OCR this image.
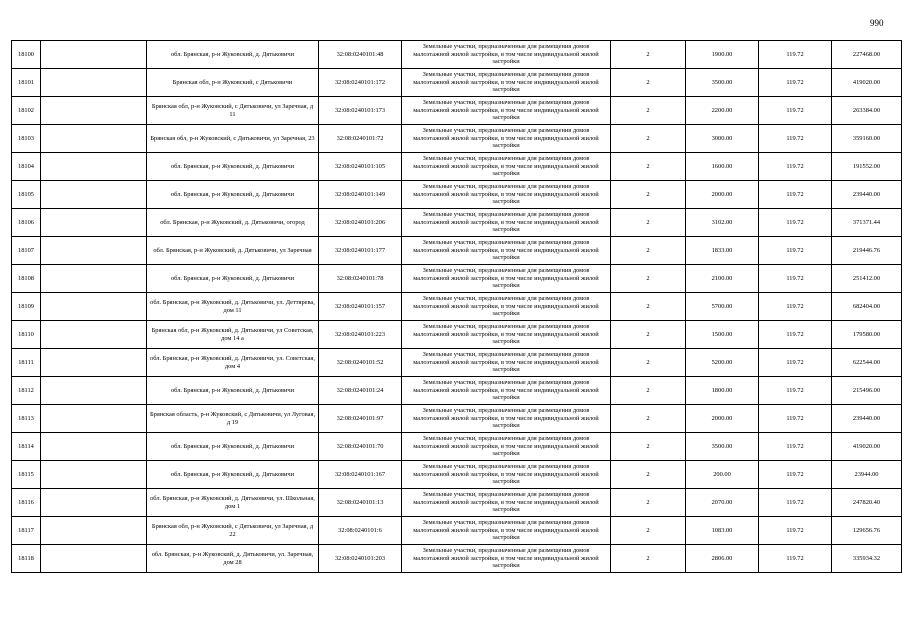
990
18100		обл. Брянская, р-н Жуковский, д. Дятьковичи	32:08:0240101:48	Земельные участки, предназначенные для размещения домов малоэтажной жилой застройки, в том числе индивидуальной жилой застройки	2	1900.00	119.72	227468.00
18101		Брянская обл, р-н Жуковский, с Дятьковичи	32:08:0240101:172	Земельные участки, предназначенные для размещения домов малоэтажной жилой застройки, в том числе индивидуальной жилой застройки	2	3500.00	119.72	419020.00
18102		Брянская обл, р-н Жуковский, с Дятьковичи, ул Заречная, д 11	32:08:0240101:173	Земельные участки, предназначенные для размещения домов малоэтажной жилой застройки, в том числе индивидуальной жилой застройки	2	2200.00	119.72	263384.00
18103		Брянская обл, р-н Жуковский, с Дятьковичи, ул Заречная, 23	32:08:0240101:72	Земельные участки, предназначенные для размещения домов малоэтажной жилой застройки, в том числе индивидуальной жилой застройки	2	3000.00	119.72	359160.00
18104		обл. Брянская, р-н Жуковский, д. Дятьковичи	32:08:0240101:105	Земельные участки, предназначенные для размещения домов малоэтажной жилой застройки, в том числе индивидуальной жилой застройки	2	1600.00	119.72	191552.00
18105		обл. Брянская, р-н Жуковский, д. Дятьковичи	32:08:0240101:149	Земельные участки, предназначенные для размещения домов малоэтажной жилой застройки, в том числе индивидуальной жилой застройки	2	2000.00	119.72	239440.00
18106		обл. Брянская, р-н Жуковский, д. Дятьковичи, огород	32:08:0240101:206	Земельные участки, предназначенные для размещения домов малоэтажной жилой застройки, в том числе индивидуальной жилой застройки	2	3102.00	119.72	371371.44
18107		обл. Брянская, р-н Жуковский, д. Дятьковичи, ул Заречная	32:08:0240101:177	Земельные участки, предназначенные для размещения домов малоэтажной жилой застройки, в том числе индивидуальной жилой застройки	2	1833.00	119.72	219446.76
18108		обл. Брянская, р-н Жуковский, д. Дятьковичи	32:08:0240101:78	Земельные участки, предназначенные для размещения домов малоэтажной жилой застройки, в том числе индивидуальной жилой застройки	2	2100.00	119.72	251412.00
18109		обл. Брянская, р-н Жуковский, д. Дятьковичи, ул. Деттярева, дом 11	32:08:0240101:157	Земельные участки, предназначенные для размещения домов малоэтажной жилой застройки, в том числе индивидуальной жилой застройки	2	5700.00	119.72	682404.00
18110		Брянская обл, р-н Жуковский, д. Дятьковичи, ул Советская, дом 14 а	32:08:0240101:223	Земельные участки, предназначенные для размещения домов малоэтажной жилой застройки, в том числе индивидуальной жилой застройки	2	1500.00	119.72	179580.00
18111		обл. Брянская, р-н Жуковский, д. Дятьковичи, ул. Советская, дом 4	32:08:0240101:52	Земельные участки, предназначенные для размещения домов малоэтажной жилой застройки, в том числе индивидуальной жилой застройки	2	5200.00	119.72	622544.00
18112		обл. Брянская, р-н Жуковский, д. Дятьковичи	32:08:0240101:24	Земельные участки, предназначенные для размещения домов малоэтажной жилой застройки, в том числе индивидуальной жилой застройки	2	1800.00	119.72	215496.00
18113		Брянская область, р-н Жуковский, с Дятьковичи, ул Луговая, д 19	32:08:0240101:97	Земельные участки, предназначенные для размещения домов малоэтажной жилой застройки, в том числе индивидуальной жилой застройки	2	2000.00	119.72	239440.00
18114		обл. Брянская, р-н Жуковский, д. Дятьковичи	32:08:0240101:70	Земельные участки, предназначенные для размещения домов малоэтажной жилой застройки, в том числе индивидуальной жилой застройки	2	3500.00	119.72	419020.00
18115		обл. Брянская, р-н Жуковский, д. Дятьковичи	32:08:0240101:167	Земельные участки, предназначенные для размещения домов малоэтажной жилой застройки, в том числе индивидуальной жилой застройки	2	200.00	119.72	23944.00
18116		обл. Брянская, р-н Жуковский, д. Дятьковичи, ул. Школьная, дом 1	32:08:0240101:13	Земельные участки, предназначенные для размещения домов малоэтажной жилой застройки, в том числе индивидуальной жилой застройки	2	2070.00	119.72	247820.40
18117		Брянская обл, р-н Жуковский, с Дятьковичи, ул Заречная, д 22	32:08:0240101:6	Земельные участки, предназначенные для размещения домов малоэтажной жилой застройки, в том числе индивидуальной жилой застройки	2	1083.00	119.72	129656.76
18118		обл. Брянская, р-н Жуковский, д. Дятьковичи, ул. Заречная, дом 28	32:08:0240101:203	Земельные участки, предназначенные для размещения домов малоэтажной жилой застройки, в том числе индивидуальной жилой застройки	2	2806.00	119.72	335934.32
